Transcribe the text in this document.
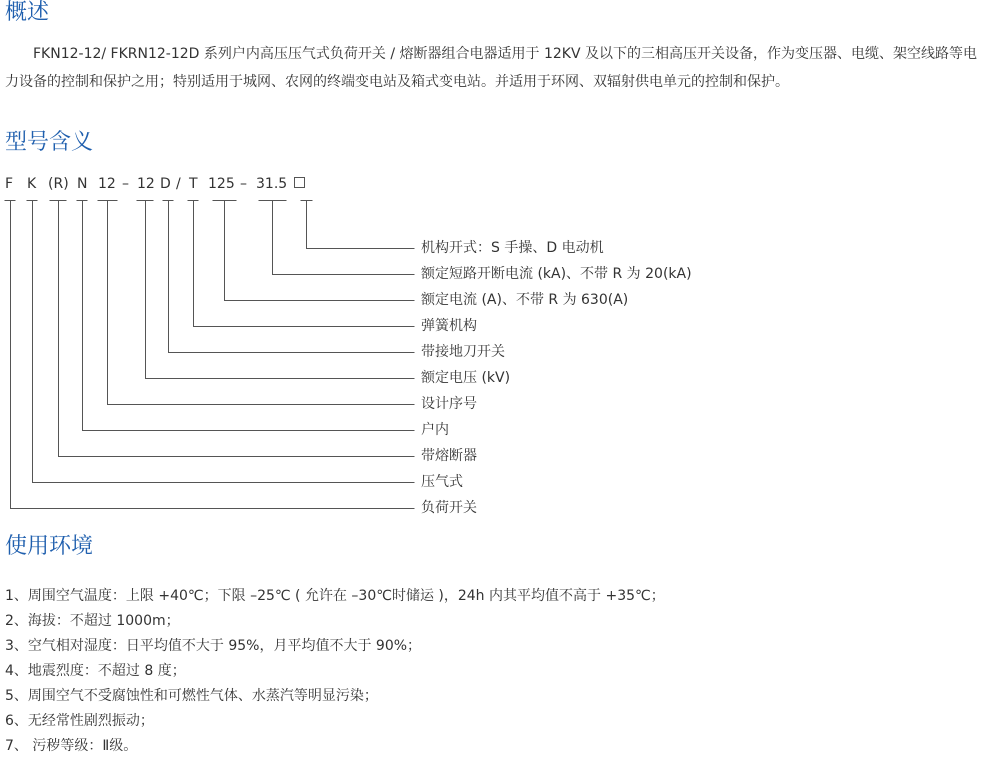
概述

FKN12-12/ FKRN12-12D 系列户内高压压气式负荷开关 / 熔断器组合电器适用于 12KV 及以下的三相高压开关设备，作为变压器、电缆、架空线路等电力设备的控制和保护之用；特别适用于城网、农网的终端变电站及箱式变电站。并适用于环网、双辐射供电单元的控制和保护。

型号含义
F K (R) N 12 – 12 D / T 125 – 31.5
机构开式：S 手操、D 电动机
额定短路开断电流 (kA)、不带 R 为 20(kA)
额定电流 (A)、不带 R 为 630(A)
弹簧机构
带接地刀开关
额定电压 (kV)
设计序号
户内
带熔断器
压气式
负荷开关
使用环境
1、周围空气温度：上限 +40℃；下限 –25℃ ( 允许在 –30℃时储运 )，24h 内其平均值不高于 +35℃；
2、海拔：不超过 1000m；
3、空气相对湿度：日平均值不大于 95%，月平均值不大于 90%；
4、地震烈度：不超过 8 度；
5、周围空气不受腐蚀性和可燃性气体、水蒸汽等明显污染；
6、无经常性剧烈振动；
7、 污秽等级：Ⅱ级。
